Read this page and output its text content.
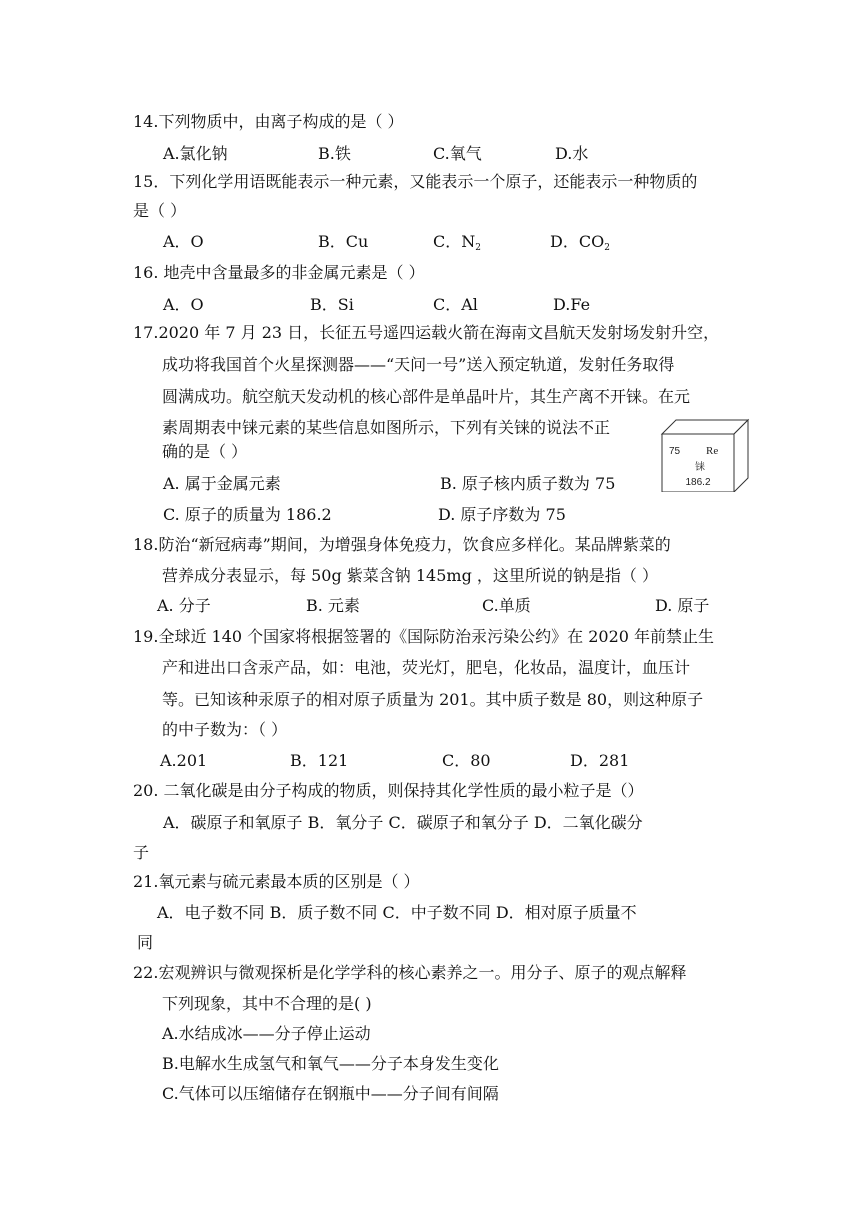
14.下列物质中，由离子构成的是（ ）
A.氯化钠	B.铁	C.氧气	D.水
15．下列化学用语既能表示一种元素，又能表示一个原子，还能表示一种物质的
是（ ）
A．O	B．Cu	C．$N_2$	D．$CO_2$
16. 地壳中含量最多的非金属元素是（ ）
A．O	B．Si	C．Al	D.Fe
17.2020 年 7 月 23 日，长征五号遥四运载火箭在海南文昌航天发射场发射升空，
成功将我国首个火星探测器——“天问一号”送入预定轨道，发射任务取得
圆满成功。航空航天发动机的核心部件是单晶叶片，其生产离不开铼。在元
素周期表中铼元素的某些信息如图所示，下列有关铼的说法不正
确的是（ ）
A. 属于金属元素	B. 原子核内质子数为 75
C. 原子的质量为 186.2	D. 原子序数为 75
75 Re
铼
186.2
18.防治“新冠病毒”期间，为增强身体免疫力，饮食应多样化。某品牌紫菜的
营养成分表显示，每 50g 紫菜含钠 145mg ，这里所说的钠是指（ ）
A. 分子	B. 元素	C.单质	D. 原子
19.全球近 140 个国家将根据签署的《国际防治汞污染公约》在 2020 年前禁止生
产和进出口含汞产品，如：电池，荧光灯，肥皂，化妆品，温度计，血压计
等。已知该种汞原子的相对原子质量为 201。其中质子数是 80，则这种原子
的中子数为：（ ）
A.201	B．121	C．80	D．281
20. 二氧化碳是由分子构成的物质，则保持其化学性质的最小粒子是（）
A．碳原子和氧原子 B．氧分子 C．碳原子和氧分子 D．二氧化碳分
子
21.氧元素与硫元素最本质的区别是（ ）
A．电子数不同 B．质子数不同 C．中子数不同 D．相对原子质量不
同
22.宏观辨识与微观探析是化学学科的核心素养之一。用分子、原子的观点解释
下列现象，其中不合理的是( )
A.水结成冰——分子停止运动
B.电解水生成氢气和氧气——分子本身发生变化
C.气体可以压缩储存在钢瓶中——分子间有间隔
